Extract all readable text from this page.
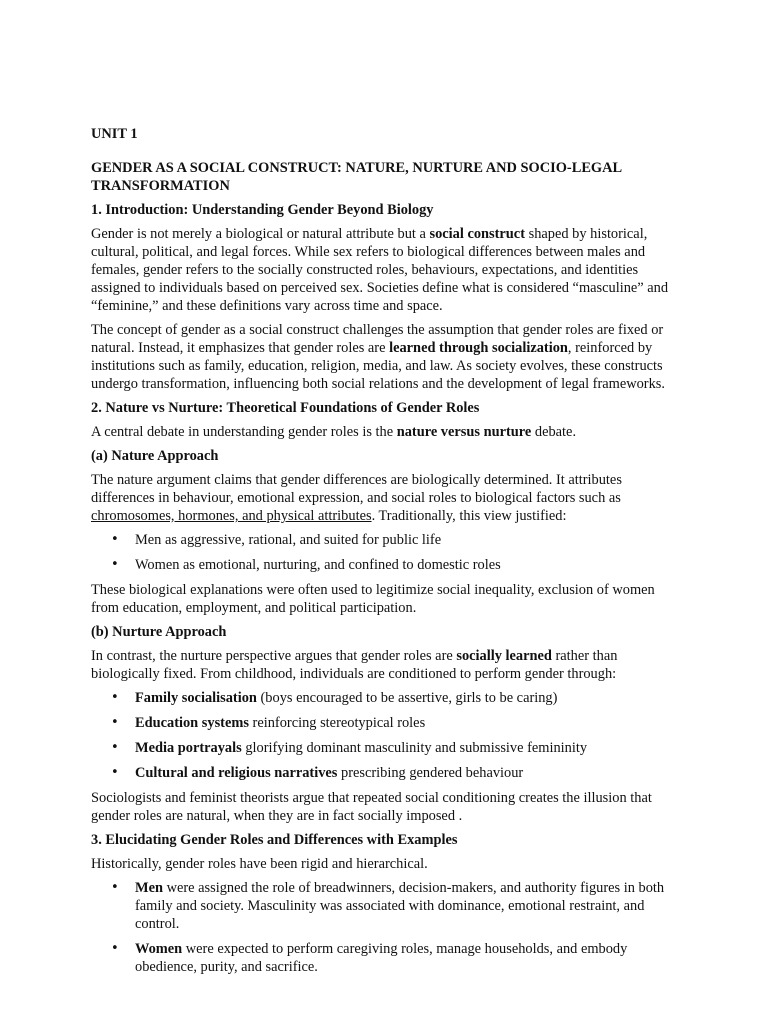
UNIT 1

GENDER AS A SOCIAL CONSTRUCT: NATURE, NURTURE AND SOCIO-LEGAL TRANSFORMATION

1. Introduction: Understanding Gender Beyond Biology

Gender is not merely a biological or natural attribute but a social construct shaped by historical, cultural, political, and legal forces. While sex refers to biological differences between males and females, gender refers to the socially constructed roles, behaviours, expectations, and identities assigned to individuals based on perceived sex. Societies define what is considered “masculine” and “feminine,” and these definitions vary across time and space.

The concept of gender as a social construct challenges the assumption that gender roles are fixed or natural. Instead, it emphasizes that gender roles are learned through socialization, reinforced by institutions such as family, education, religion, media, and law. As society evolves, these constructs undergo transformation, influencing both social relations and the development of legal frameworks.

2. Nature vs Nurture: Theoretical Foundations of Gender Roles

A central debate in understanding gender roles is the nature versus nurture debate.

(a) Nature Approach

The nature argument claims that gender differences are biologically determined. It attributes differences in behaviour, emotional expression, and social roles to biological factors such as chromosomes, hormones, and physical attributes. Traditionally, this view justified:

• Men as aggressive, rational, and suited for public life
• Women as emotional, nurturing, and confined to domestic roles

These biological explanations were often used to legitimize social inequality, exclusion of women from education, employment, and political participation.

(b) Nurture Approach

In contrast, the nurture perspective argues that gender roles are socially learned rather than biologically fixed. From childhood, individuals are conditioned to perform gender through:

• Family socialisation (boys encouraged to be assertive, girls to be caring)
• Education systems reinforcing stereotypical roles
• Media portrayals glorifying dominant masculinity and submissive femininity
• Cultural and religious narratives prescribing gendered behaviour

Sociologists and feminist theorists argue that repeated social conditioning creates the illusion that gender roles are natural, when they are in fact socially imposed .

3. Elucidating Gender Roles and Differences with Examples

Historically, gender roles have been rigid and hierarchical.

• Men were assigned the role of breadwinners, decision-makers, and authority figures in both family and society. Masculinity was associated with dominance, emotional restraint, and control.
• Women were expected to perform caregiving roles, manage households, and embody obedience, purity, and sacrifice.
